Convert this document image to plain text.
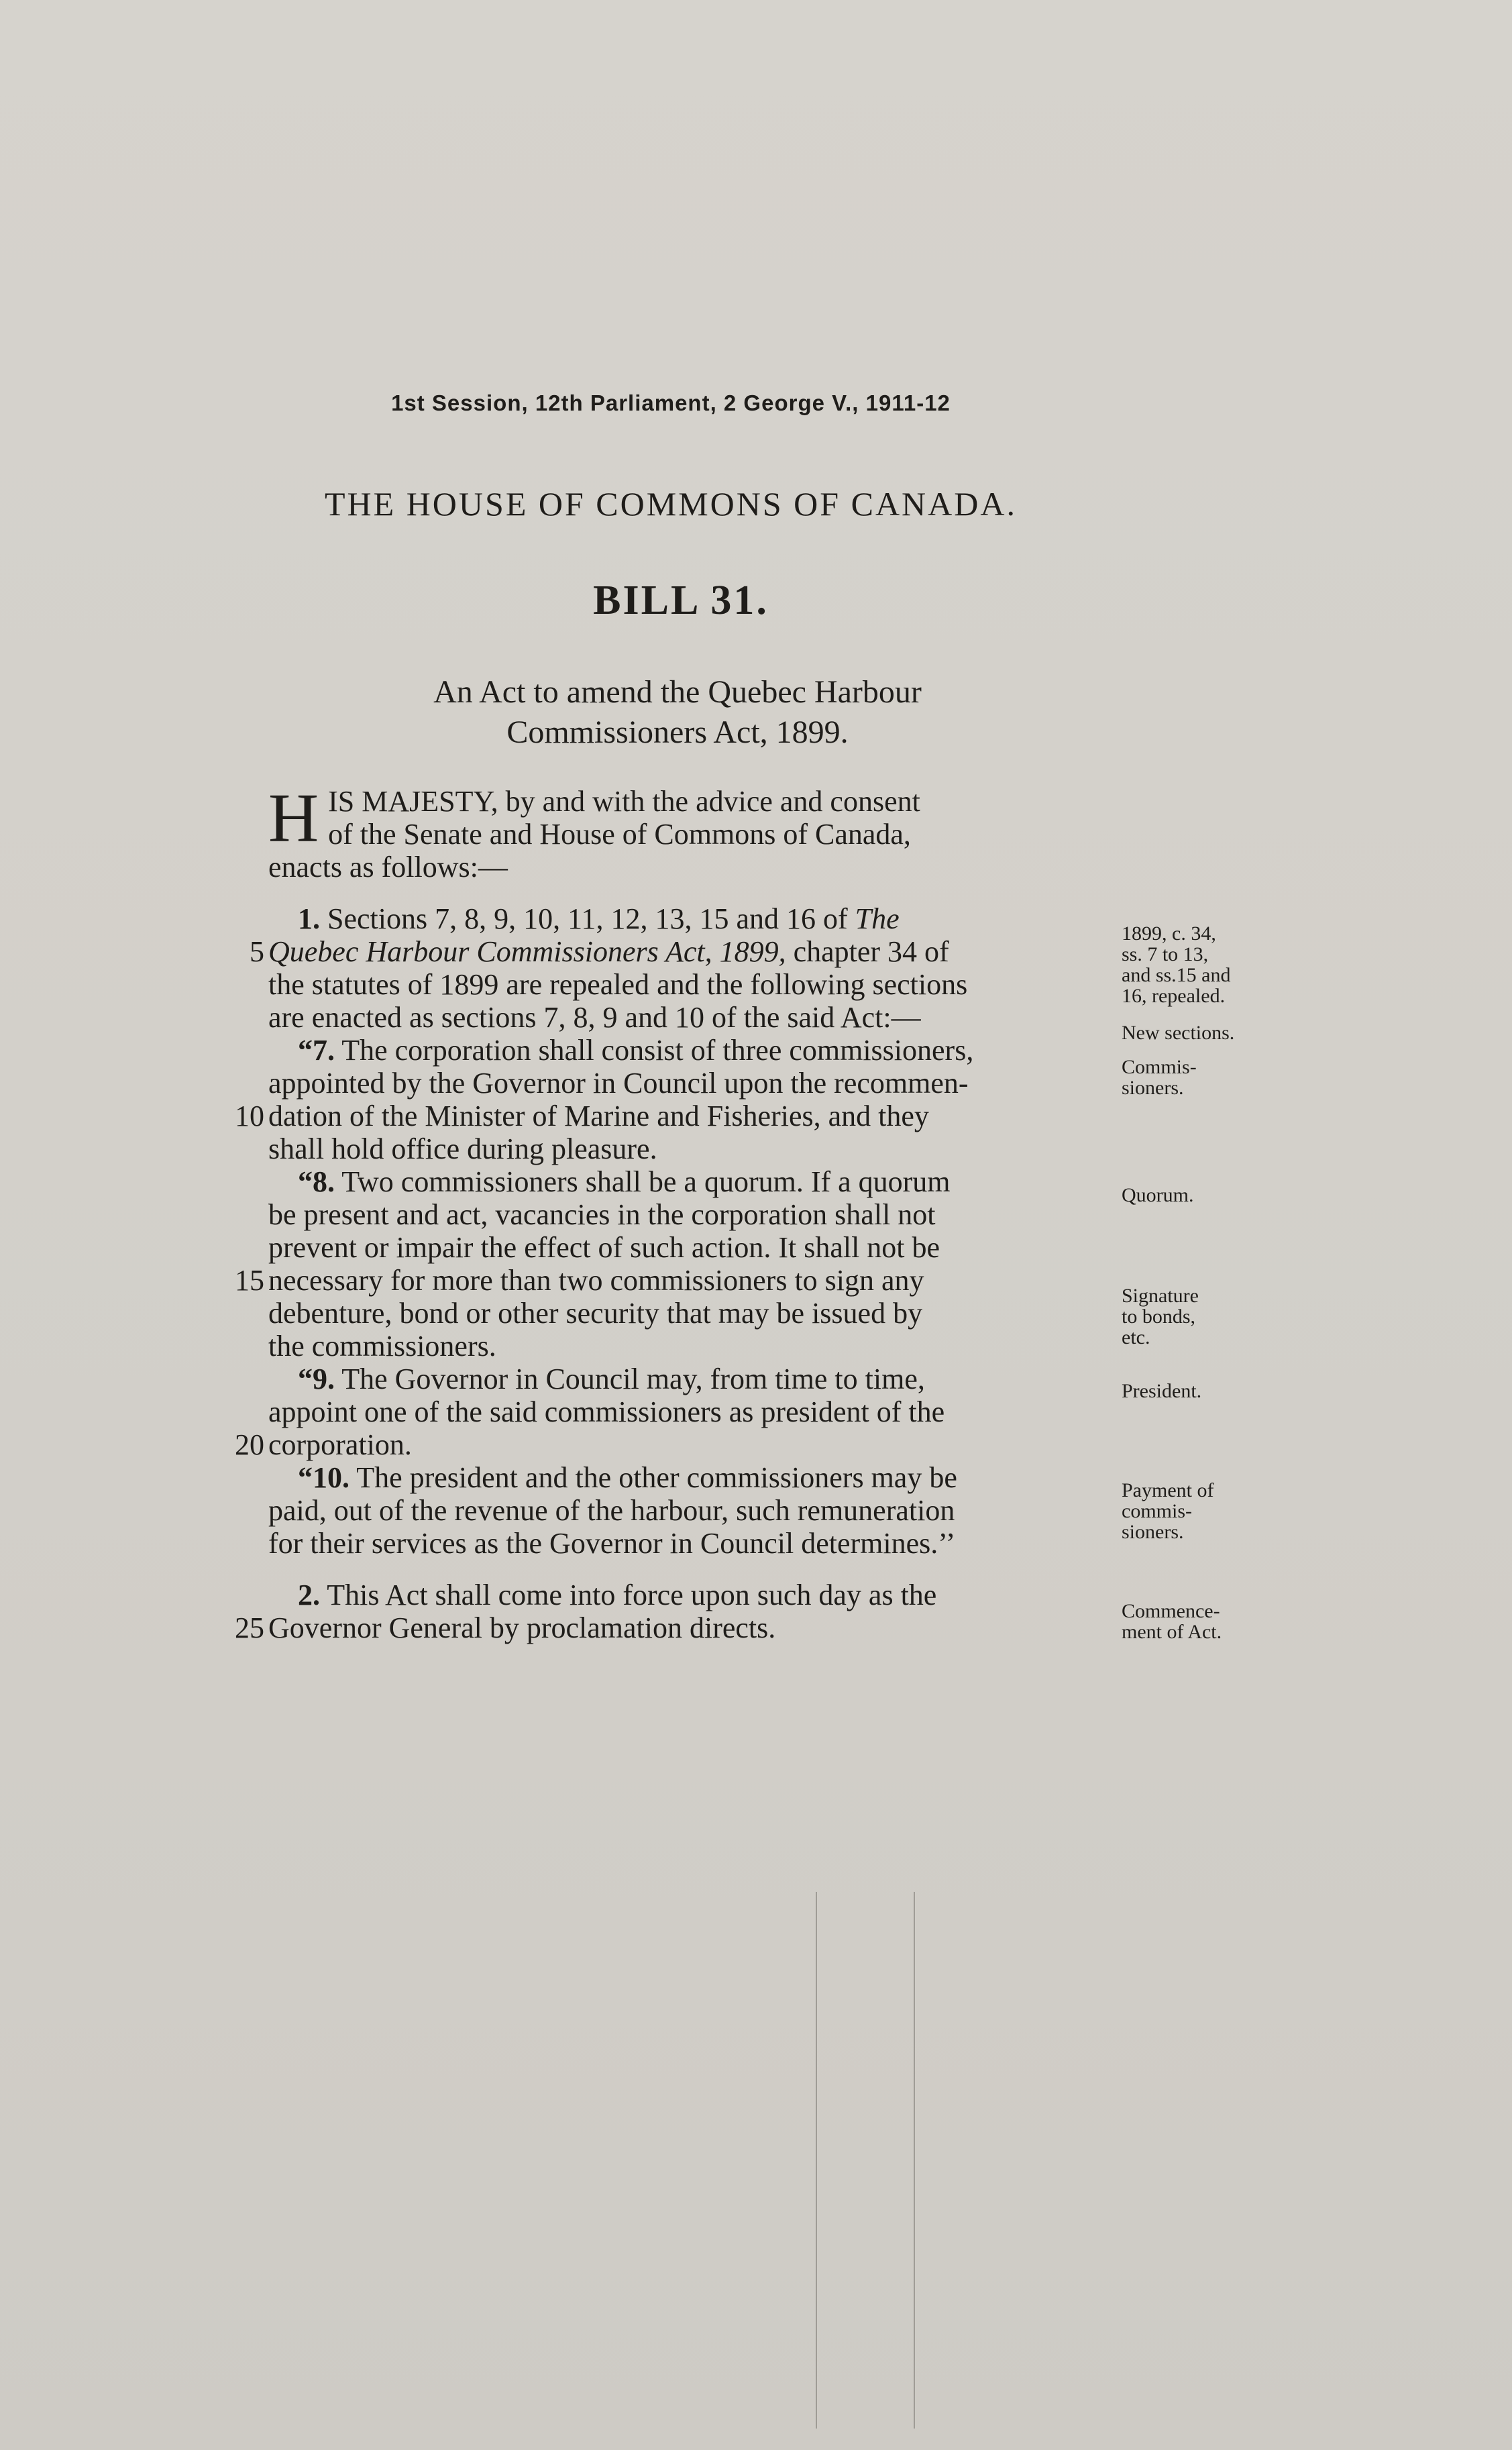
1st Session, 12th Parliament, 2 George V., 1911-12
THE HOUSE OF COMMONS OF CANADA.
BILL 31.
An Act to amend the Quebec Harbour
Commissioners Act, 1899.
H IS MAJESTY, by and with the advice and consent
of the Senate and House of Commons of Canada,
enacts as follows:—
1. Sections 7, 8, 9, 10, 11, 12, 13, 15 and 16 of The
5 Quebec Harbour Commissioners Act, 1899, chapter 34 of
the statutes of 1899 are repealed and the following sections
are enacted as sections 7, 8, 9 and 10 of the said Act:—
“7. The corporation shall consist of three commissioners,
appointed by the Governor in Council upon the recommen-
10 dation of the Minister of Marine and Fisheries, and they
shall hold office during pleasure.
“8. Two commissioners shall be a quorum. If a quorum
be present and act, vacancies in the corporation shall not
prevent or impair the effect of such action. It shall not be
15 necessary for more than two commissioners to sign any
debenture, bond or other security that may be issued by
the commissioners.
“9. The Governor in Council may, from time to time,
appoint one of the said commissioners as president of the
20 corporation.
“10. The president and the other commissioners may be
paid, out of the revenue of the harbour, such remuneration
for their services as the Governor in Council determines.’’
2. This Act shall come into force upon such day as the
25 Governor General by proclamation directs.
1899, c. 34,
ss. 7 to 13,
and ss.15 and
16, repealed.
New sections.
Commis-
sioners.
Quorum.
Signature
to bonds,
etc.
President.
Payment of
commis-
sioners.
Commence-
ment of Act.
